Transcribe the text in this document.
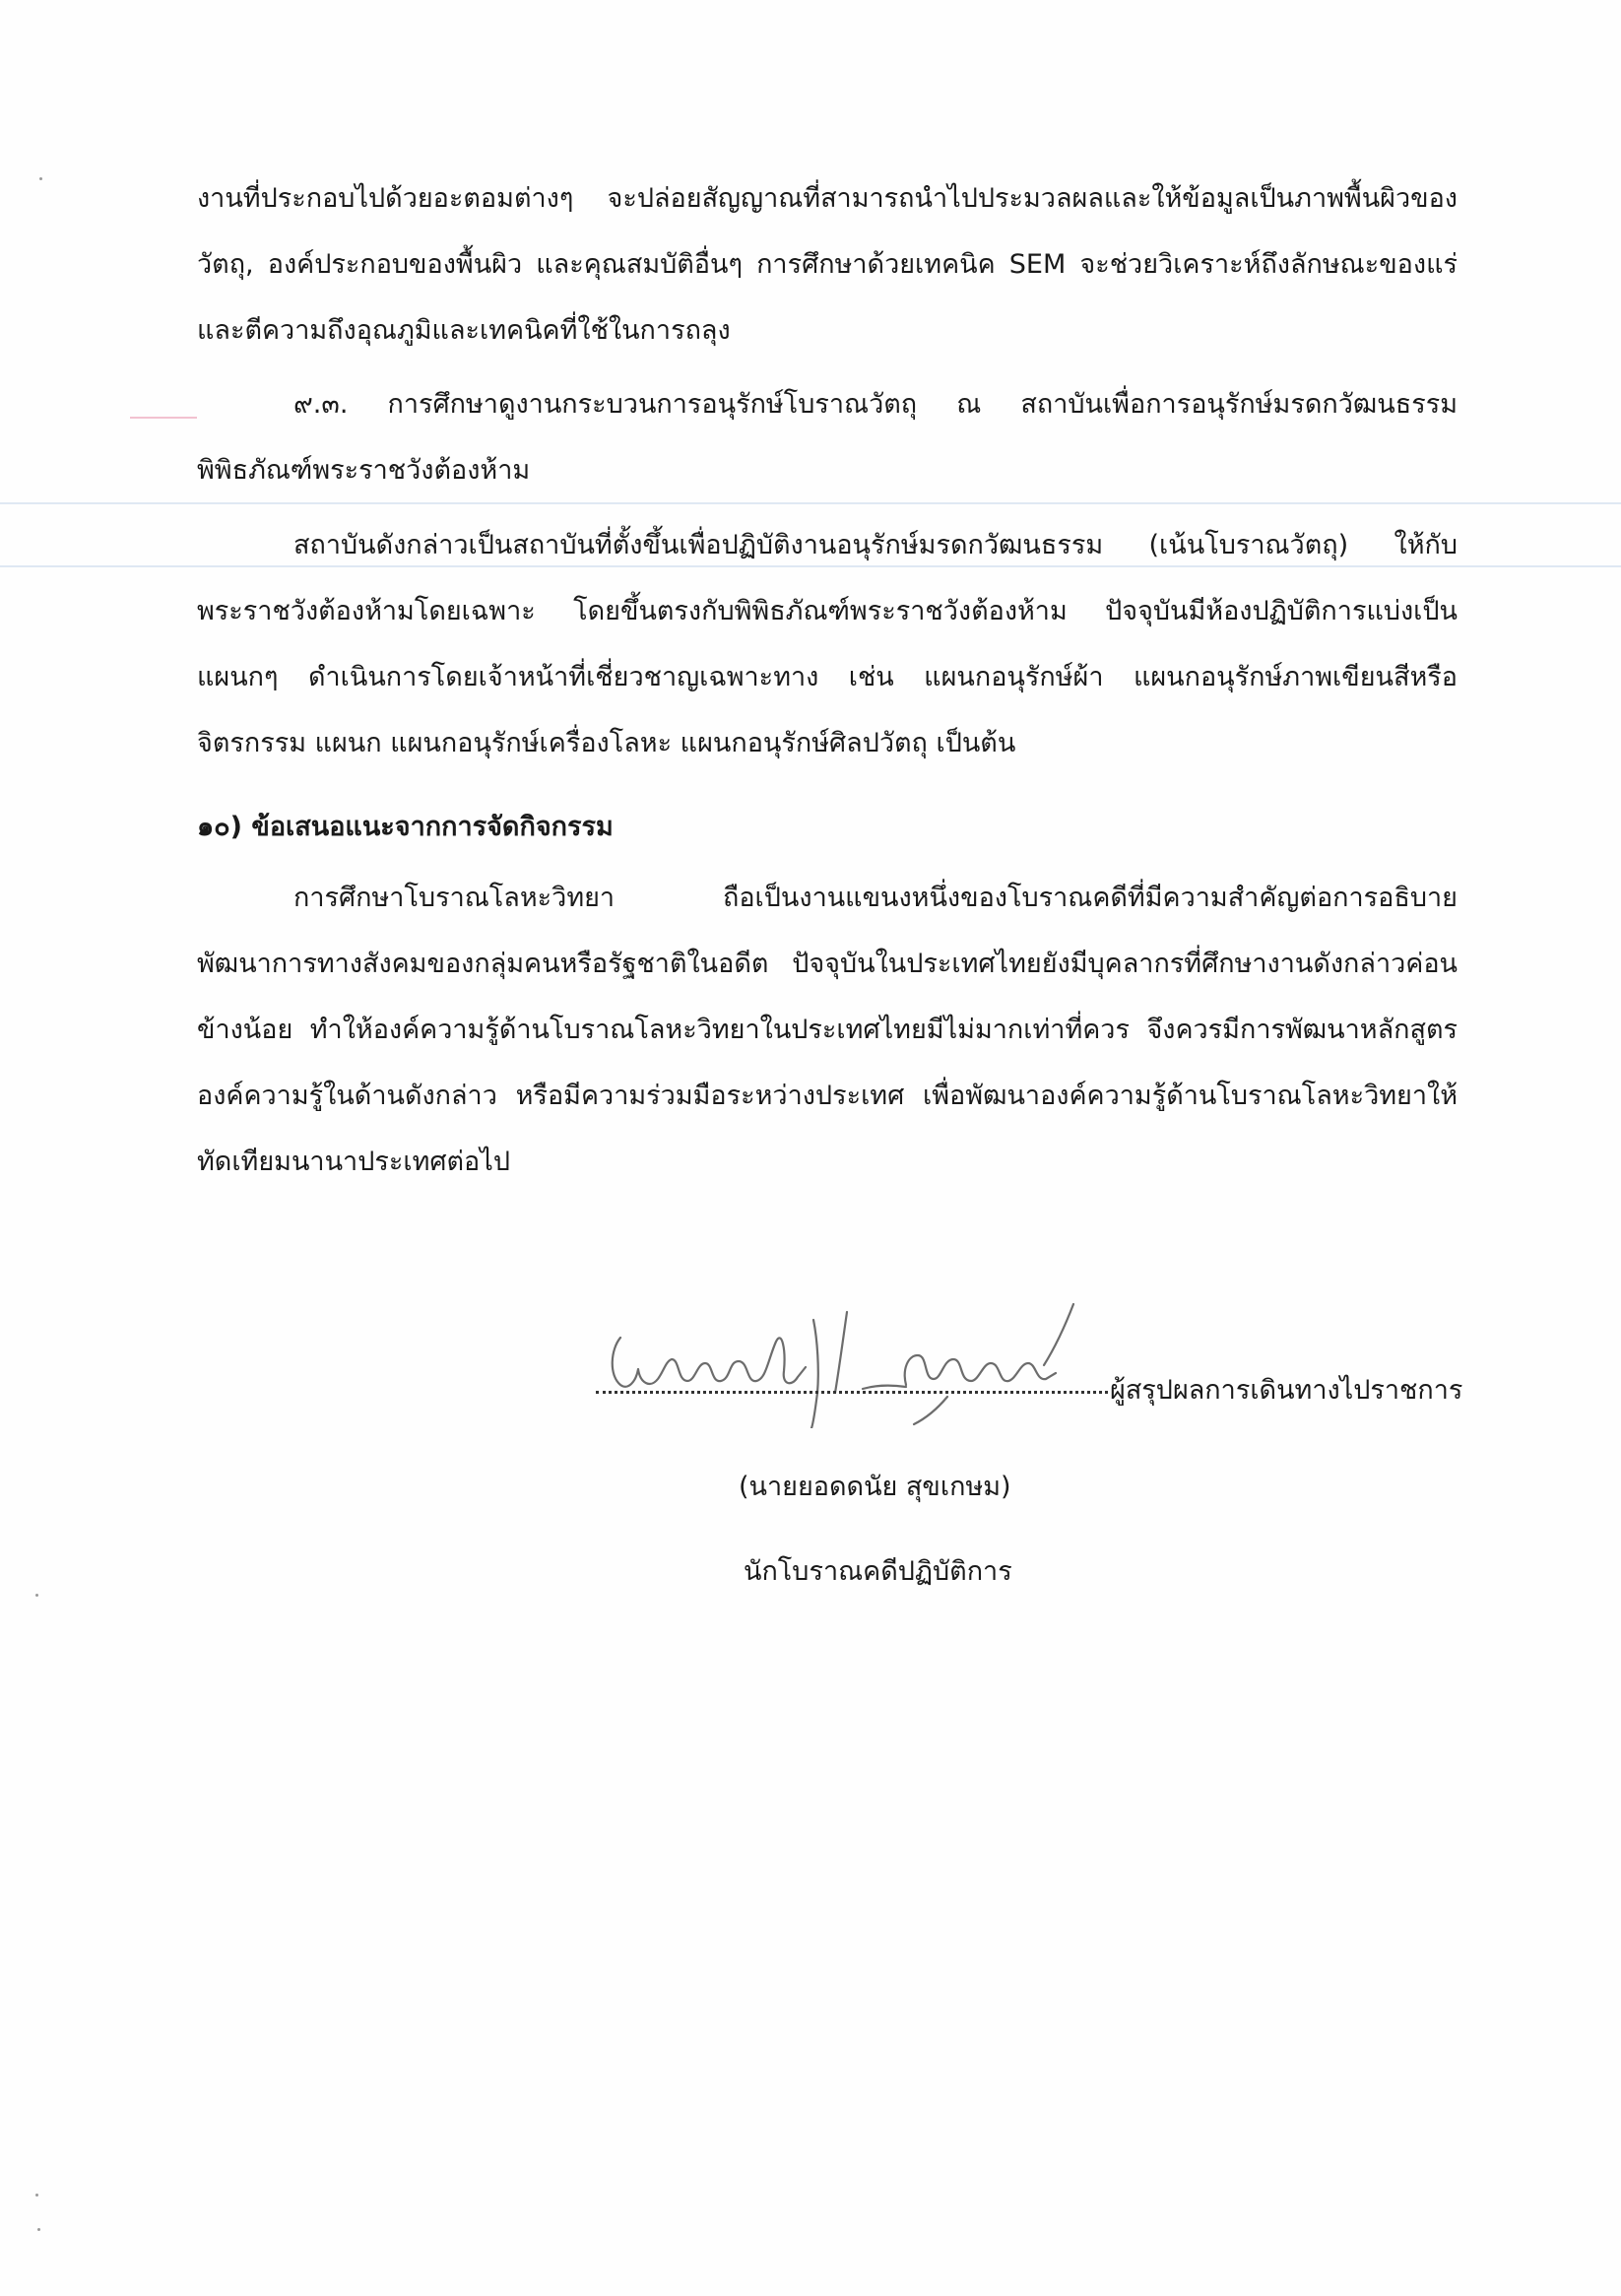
งานที่ประกอบไปด้วยอะตอมต่างๆ จะปล่อยสัญญาณที่สามารถนำไปประมวลผลและให้ข้อมูลเป็นภาพพื้นผิวของวัตถุ, องค์ประกอบของพื้นผิว และคุณสมบัติอื่นๆ การศึกษาด้วยเทคนิค SEM จะช่วยวิเคราะห์ถึงลักษณะของแร่และตีความถึงอุณภูมิและเทคนิคที่ใช้ในการถลุง

๙.๓. การศึกษาดูงานกระบวนการอนุรักษ์โบราณวัตถุ ณ สถาบันเพื่อการอนุรักษ์มรดกวัฒนธรรมพิพิธภัณฑ์พระราชวังต้องห้าม

สถาบันดังกล่าวเป็นสถาบันที่ตั้งขึ้นเพื่อปฏิบัติงานอนุรักษ์มรดกวัฒนธรรม (เน้นโบราณวัตถุ) ให้กับพระราชวังต้องห้ามโดยเฉพาะ โดยขึ้นตรงกับพิพิธภัณฑ์พระราชวังต้องห้าม ปัจจุบันมีห้องปฏิบัติการแบ่งเป็นแผนกๆ ดำเนินการโดยเจ้าหน้าที่เชี่ยวชาญเฉพาะทาง เช่น แผนกอนุรักษ์ผ้า แผนกอนุรักษ์ภาพเขียนสีหรือจิตรกรรม แผนก แผนกอนุรักษ์เครื่องโลหะ แผนกอนุรักษ์ศิลปวัตถุ เป็นต้น

๑๐) ข้อเสนอแนะจากการจัดกิจกรรม

การศึกษาโบราณโลหะวิทยา ถือเป็นงานแขนงหนึ่งของโบราณคดีที่มีความสำคัญต่อการอธิบายพัฒนาการทางสังคมของกลุ่มคนหรือรัฐชาติในอดีต ปัจจุบันในประเทศไทยยังมีบุคลากรที่ศึกษางานดังกล่าวค่อนข้างน้อย ทำให้องค์ความรู้ด้านโบราณโลหะวิทยาในประเทศไทยมีไม่มากเท่าที่ควร จึงควรมีการพัฒนาหลักสูตรองค์ความรู้ในด้านดังกล่าว หรือมีความร่วมมือระหว่างประเทศ เพื่อพัฒนาองค์ความรู้ด้านโบราณโลหะวิทยาให้ทัดเทียมนานาประเทศต่อไป

ผู้สรุปผลการเดินทางไปราชการ
(นายยอดดนัย สุขเกษม)
นักโบราณคดีปฏิบัติการ
